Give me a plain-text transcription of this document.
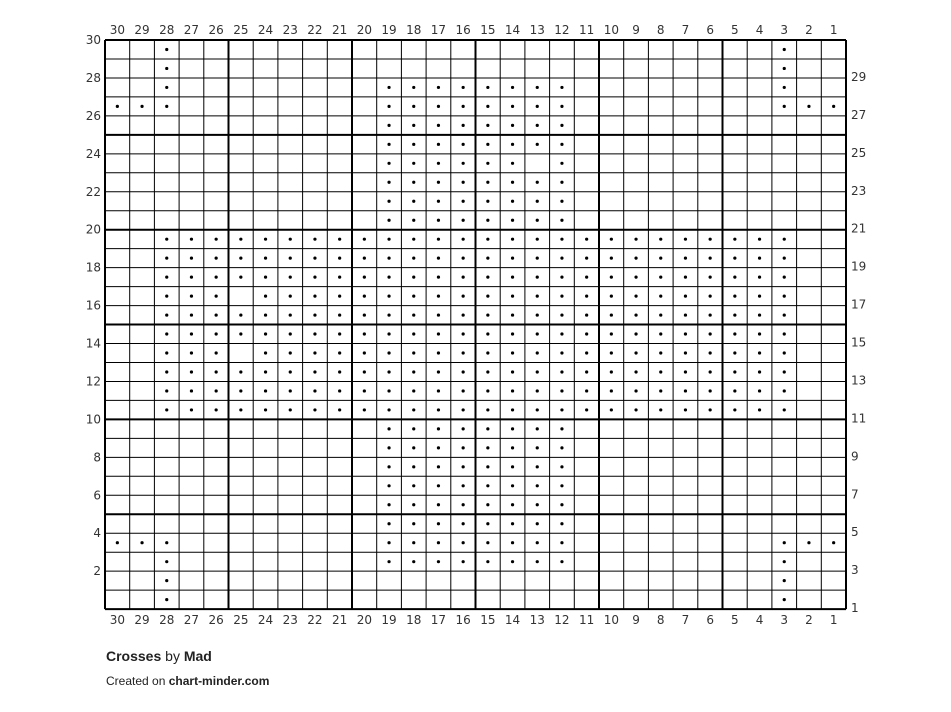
30 29 28 27 26 25 24 23 22 21 20 19 18 17 16 15 14 13 12 11 10 9 8 7 6 5 4 3 2 1
30 29 28 27 26 25 24 23 22 21 20 19 18 17 16 15 14 13 12 11 10 9 8 7 6 5 4 3 2 1
30
28
26
24
22
20
18
16
14
12
10
8
6
4
2
29
27
25
23
21
19
17
15
13
11
9
7
5
3
1
Crosses by Mad
Created on chart-minder.com
